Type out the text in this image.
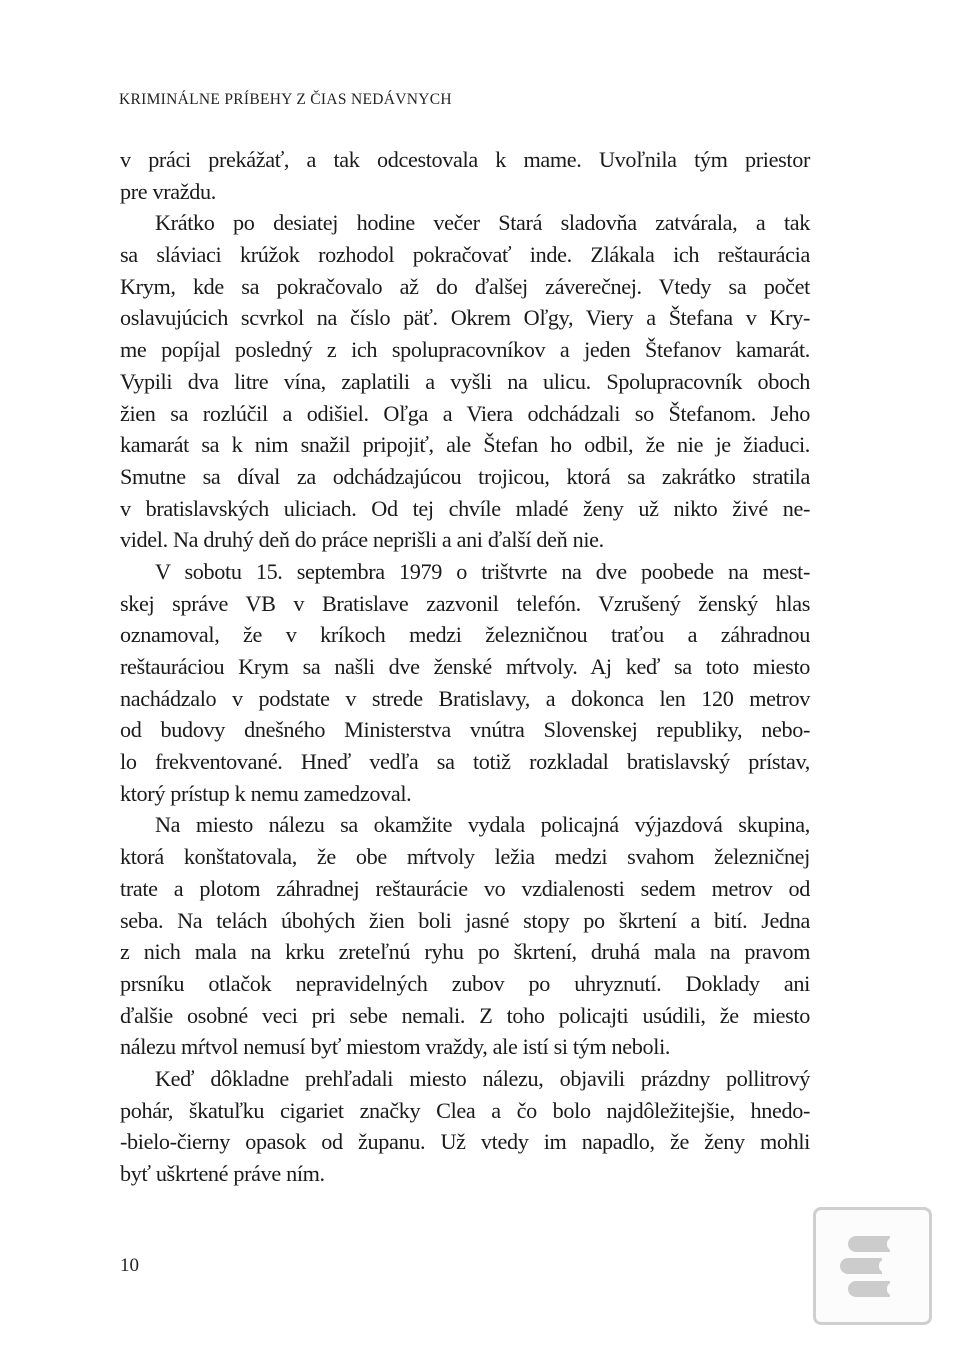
KRIMINÁLNE PRÍBEHY Z ČIAS NEDÁVNYCH
v práci prekážať, a tak odcestovala k mame. Uvoľnila tým priestor
pre vraždu.
Krátko po desiatej hodine večer Stará sladovňa zatvárala, a tak
sa sláviaci krúžok rozhodol pokračovať inde. Zlákala ich reštaurácia
Krym, kde sa pokračovalo až do ďalšej záverečnej. Vtedy sa počet
oslavujúcich scvrkol na číslo päť. Okrem Oľgy, Viery a Štefana v Kry-
me popíjal posledný z ich spolupracovníkov a jeden Štefanov kamarát.
Vypili dva litre vína, zaplatili a vyšli na ulicu. Spolupracovník oboch
žien sa rozlúčil a odišiel. Oľga a Viera odchádzali so Štefanom. Jeho
kamarát sa k nim snažil pripojiť, ale Štefan ho odbil, že nie je žiaduci.
Smutne sa díval za odchádzajúcou trojicou, ktorá sa zakrátko stratila
v bratislavských uliciach. Od tej chvíle mladé ženy už nikto živé ne-
videl. Na druhý deň do práce neprišli a ani ďalší deň nie.
V sobotu 15. septembra 1979 o trištvrte na dve poobede na mest-
skej správe VB v Bratislave zazvonil telefón. Vzrušený ženský hlas
oznamoval, že v kríkoch medzi železničnou traťou a záhradnou
reštauráciou Krym sa našli dve ženské mŕtvoly. Aj keď sa toto miesto
nachádzalo v podstate v strede Bratislavy, a dokonca len 120 metrov
od budovy dnešného Ministerstva vnútra Slovenskej republiky, nebo-
lo frekventované. Hneď vedľa sa totiž rozkladal bratislavský prístav,
ktorý prístup k nemu zamedzoval.
Na miesto nálezu sa okamžite vydala policajná výjazdová skupina,
ktorá konštatovala, že obe mŕtvoly ležia medzi svahom železničnej
trate a plotom záhradnej reštaurácie vo vzdialenosti sedem metrov od
seba. Na telách úbohých žien boli jasné stopy po škrtení a bití. Jedna
z nich mala na krku zreteľnú ryhu po škrtení, druhá mala na pravom
prsníku otlačok nepravidelných zubov po uhryznutí. Doklady ani
ďalšie osobné veci pri sebe nemali. Z toho policajti usúdili, že miesto
nálezu mŕtvol nemusí byť miestom vraždy, ale istí si tým neboli.
Keď dôkladne prehľadali miesto nálezu, objavili prázdny pollitrový
pohár, škatuľku cigariet značky Clea a čo bolo najdôležitejšie, hnedo-
-bielo-čierny opasok od županu. Už vtedy im napadlo, že ženy mohli
byť uškrtené práve ním.
10
